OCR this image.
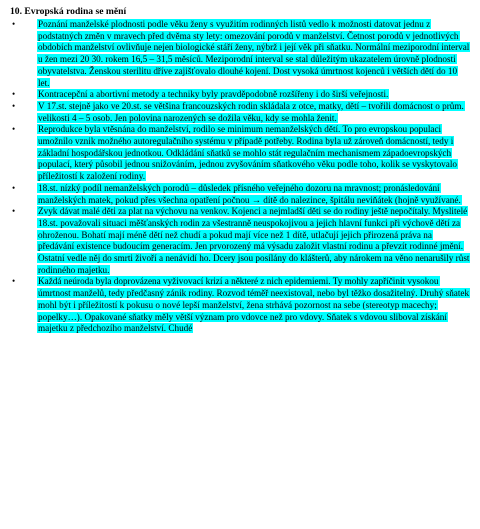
10. Evropská rodina se mění
•	Poznání manželské plodnosti podle věku ženy s využitím rodinných listů vedlo k možnosti datovat jednu z podstatných změn v mravech před dvěma sty lety: omezování porodů v manželství. Četnost porodů v jednotlivých obdobích manželství ovlivňuje nejen biologické stáří ženy, nýbrž i její věk při sňatku. Normální meziporodní interval u žen mezi 20 30. rokem 16,5 – 31,5 měsíců. Meziporodní interval se stal důležitým ukazatelem úrovně plodnosti obyvatelstva. Ženskou sterilitu dříve zajišťovalo dlouhé kojení. Dost vysoká úmrtnost kojenců i větších dětí do 10 let.
•	Kontracepční a abortivní metody a techniky byly pravděpodobně rozšířeny i do širší veřejnosti.
•	V 17.st. stejně jako ve 20.st. se většina francouzských rodin skládala z otce, matky, dětí – tvořili domácnost o prům. velikosti 4 – 5 osob. Jen polovina narozených se dožila věku, kdy se mohla ženit.
•	Reprodukce byla vtěsnána do manželství, rodilo se minimum nemanželských dětí. To pro evropskou populaci umožnilo vznik možného autoregulačního systému v případě potřeby. Rodina byla už zároveň domácností, tedy i základní hospodářskou jednotkou. Odkládání sňatků se mohlo stát regulačním mechanismem západoevropských populací, který působil jednou snižováním, jednou zvyšováním sňatkového věku podle toho, kolik se vyskytovalo příležitostí k založení rodiny.
•	18.st. nízký podíl nemanželských porodů – důsledek přísného veřejného dozoru na mravnost; pronásledování manželských matek, pokud přes všechna opatření počnou → dítě do nalezince, špitálu neviňátek (hojně využívané.
•	Zvyk dávat malé děti za plat na výchovu na venkov. Kojenci a nejmladší děti se do rodiny ještě nepočítaly. Myslitelé 18.st. považovali situaci měšťanských rodin za všestranně neuspokojivou a jejich hlavní funkci při výchově dětí za ohroženou. Bohatí mají méně dětí než chudí a pokud mají více než 1 dítě, utlačují jejich přirozená práva na předávání existence budoucím generacím. Jen prvorozený má výsadu založit vlastní rodinu a převzít rodinné jmění. Ostatní vedle něj do smrti živoří a nenávidí ho. Dcery jsou posílány do klášterů, aby nárokem na věno nenarušily růst rodinného majetku.
•	Každá neúroda byla doprovázena vyživovací krizí a některé z nich epidemiemi. Ty mohly zapříčinit vysokou úmrtnost manželů, tedy předčasný zánik rodiny. Rozvod téměř neexistoval, nebo byl těžko dosažitelný. Druhý sňatek mohl být i příležitostí k pokusu o nové lepší manželství, žena strhává pozornost na sebe (stereotyp macechy; popelky…). Opakované sňatky měly větší význam pro vdovce než pro vdovy. Sňatek s vdovou sliboval získání majetku z předchozího manželství. Chudé
